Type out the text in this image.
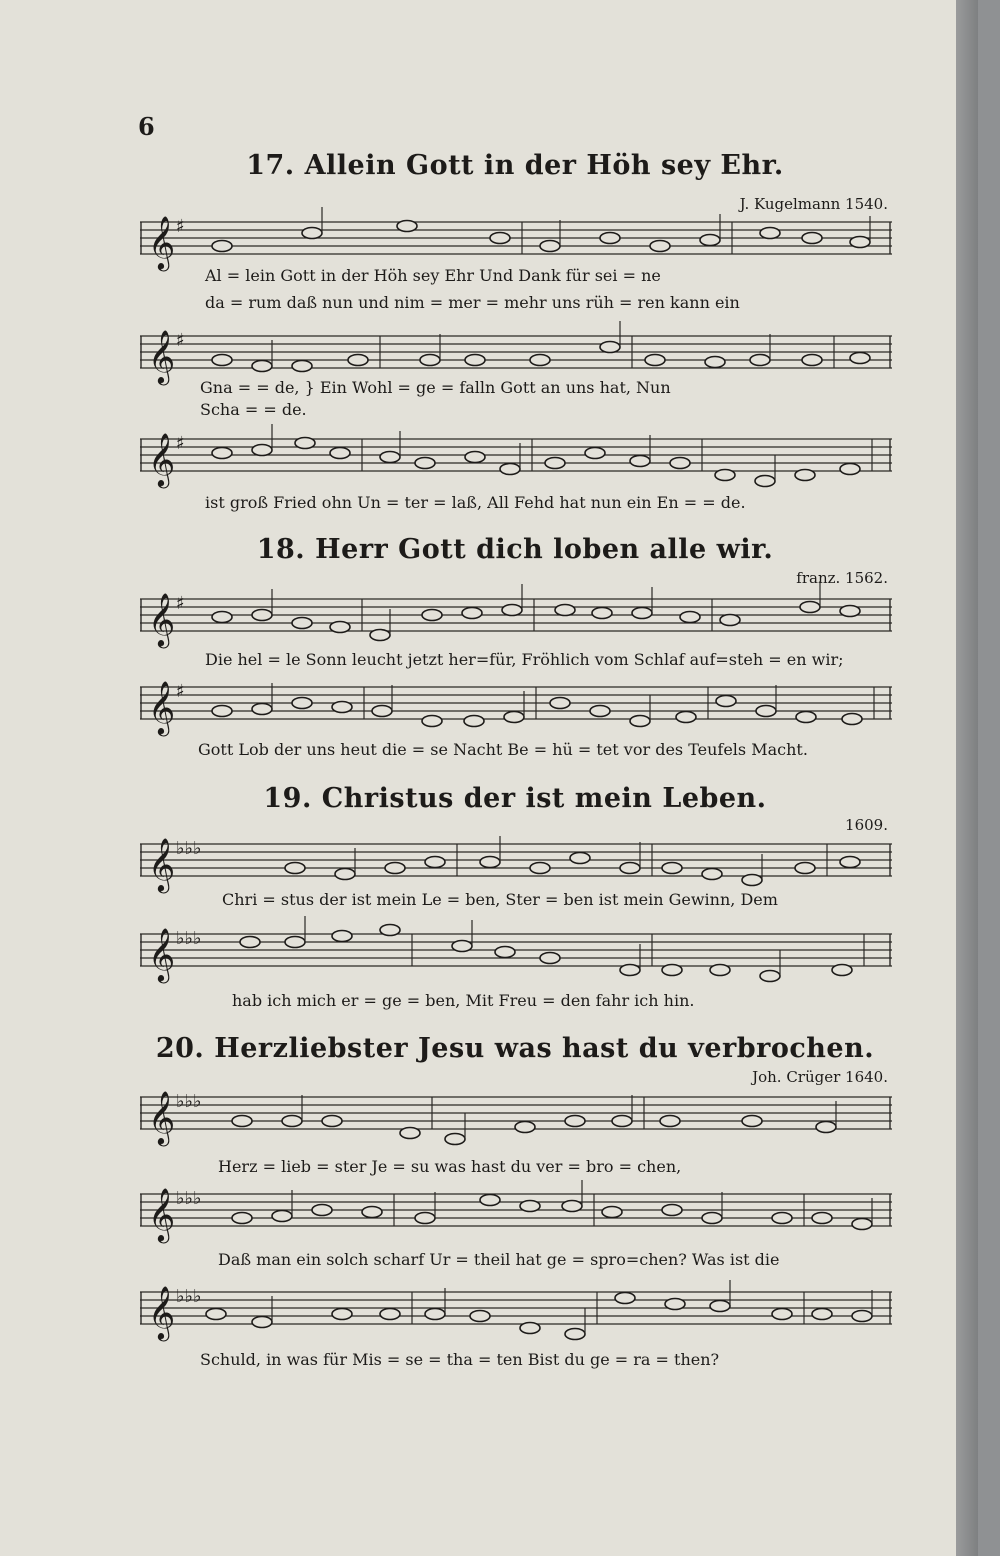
6
17. Allein Gott in der Höh sey Ehr.
J. Kugelmann 1540.
𝄞 ♯
Al = lein Gott in der Höh sey Ehr Und Dank für sei = ne
da = rum daß nun und nim = mer = mehr uns rüh = ren kann ein
𝄞 ♯
Gna = = de, } Ein Wohl = ge = falln Gott an uns hat, Nun
Scha = = de.
𝄞 ♯
ist groß Fried ohn Un = ter = laß, All Fehd hat nun ein En = = de.
18. Herr Gott dich loben alle wir.
franz. 1562.
𝄞 ♯
Die hel = le Sonn leucht jetzt her=für, Fröhlich vom Schlaf auf=steh = en wir;
𝄞 ♯
Gott Lob der uns heut die = se Nacht Be = hü = tet vor des Teufels Macht.
19. Christus der ist mein Leben.
1609.
𝄞 ♭♭♭
Chri = stus der ist mein Le = ben, Ster = ben ist mein Gewinn, Dem
𝄞 ♭♭♭
hab ich mich er = ge = ben, Mit Freu = den fahr ich hin.
20. Herzliebster Jesu was hast du verbrochen.
Joh. Crüger 1640.
𝄞 ♭♭♭
Herz = lieb = ster Je = su was hast du ver = bro = chen,
𝄞 ♭♭♭
Daß man ein solch scharf Ur = theil hat ge = spro=chen? Was ist die
𝄞 ♭♭♭
Schuld, in was für Mis = se = tha = ten Bist du ge = ra = then?
